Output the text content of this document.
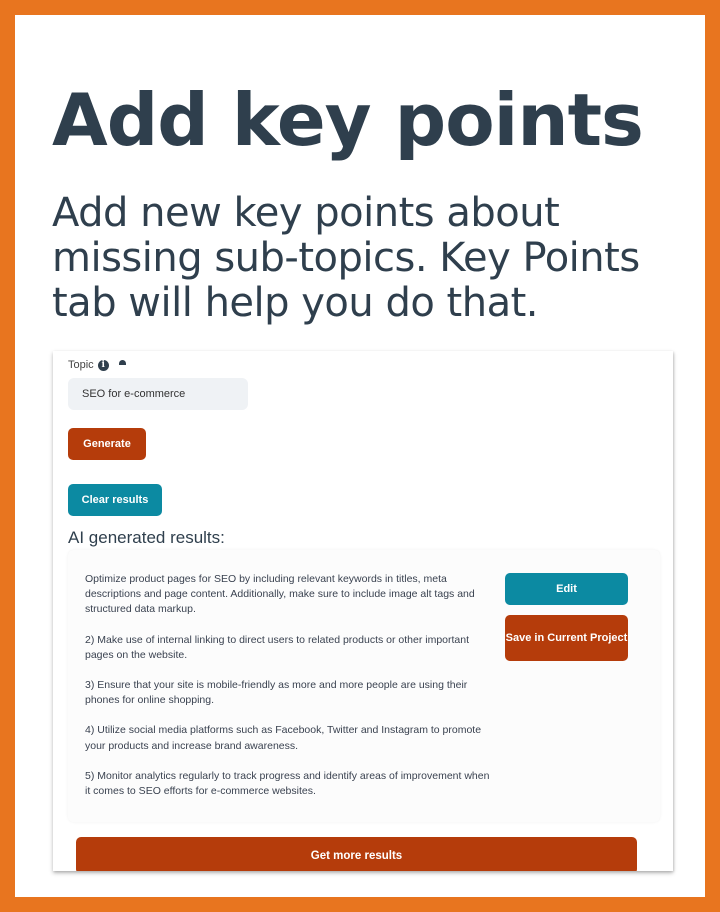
Add key points

Add new key points about missing sub-topics. Key Points tab will help you do that.

Topic i
SEO for e-commerce
Generate
Clear results
AI generated results:

Optimize product pages for SEO by including relevant keywords in titles, meta descriptions and page content. Additionally, make sure to include image alt tags and structured data markup.

2) Make use of internal linking to direct users to related products or other important pages on the website.

3) Ensure that your site is mobile-friendly as more and more people are using their phones for online shopping.

4) Utilize social media platforms such as Facebook, Twitter and Instagram to promote your products and increase brand awareness.

5) Monitor analytics regularly to track progress and identify areas of improvement when it comes to SEO efforts for e-commerce websites.

Edit
Save in Current Project
Get more results
